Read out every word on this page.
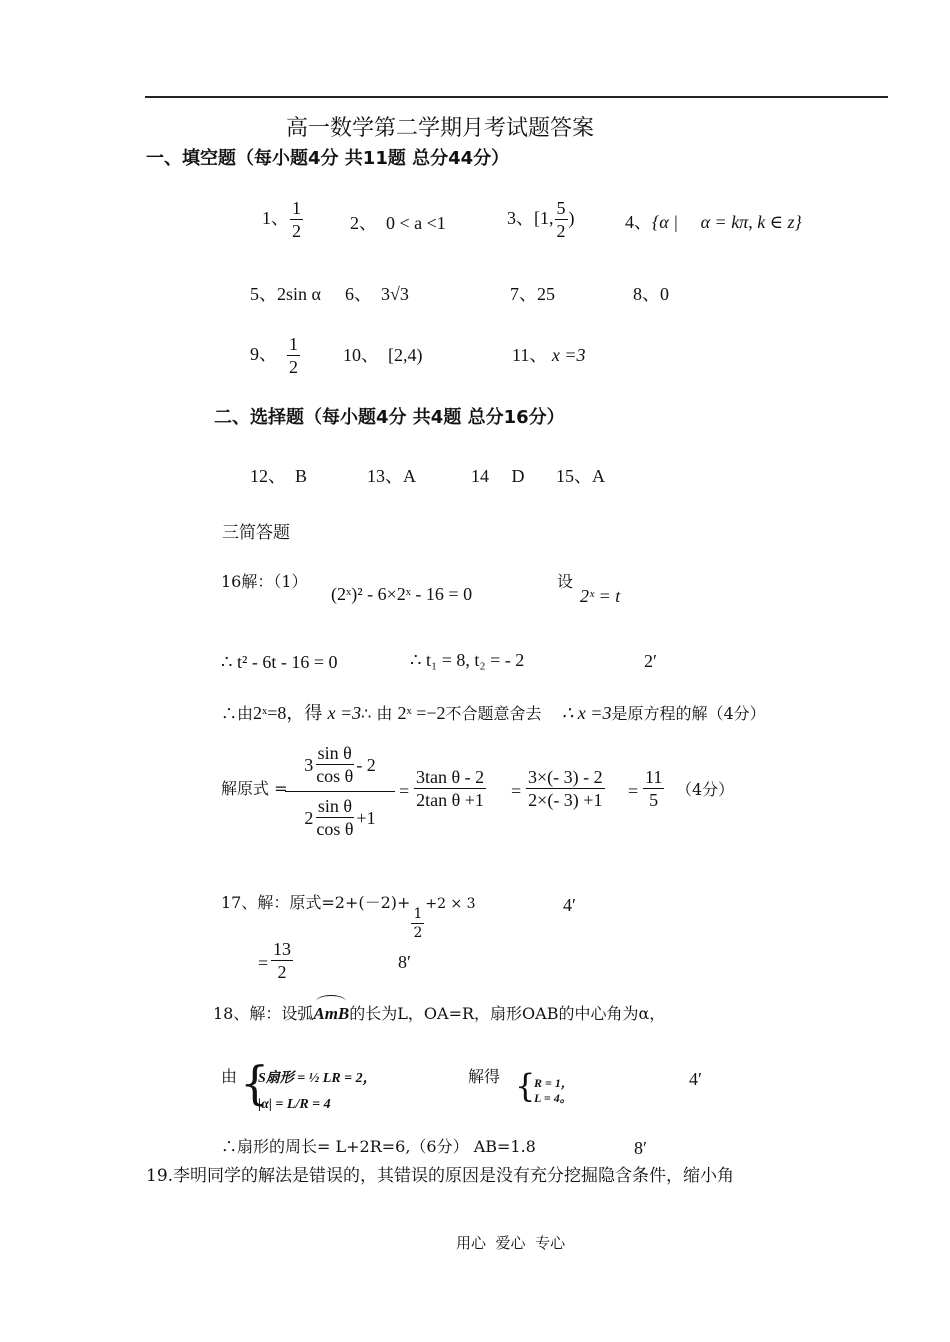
高一数学第二学期月考试题答案
一、填空题（每小题4分 共11题 总分44分）
1、 $\frac{1}{2}$	2、 0 < a <1	3、[1, $\frac{5}{2}$ )	4、{α |     α = kπ, k ∈ z}
5、2sin α 6、 3√3	7、25	8、0
9、 $\frac{1}{2} 10$、 [2,4)	11、 x =3
二、选择题（每小题4分 共4题 总分16分）
12、 B	13、A	14 D 15、A
三简答题
16解：（1）
(2ˣ)² - 6×2ˣ - 16 = 0
设
2ˣ = t
∴ t² - 6t - 16 = 0	∴ t₁ = 8, t₂ = - 2	2′
∴由2ˣ=8，得 x =3∴ 由 2ˣ =−2不合题意舍去 ∴ x =3是原方程的解（4分）
解原式 =
$3 \frac{\text{sin θ}}{\text{cos θ}} - 2$
$2 \frac{\text{sin θ}}{\text{cos θ}} +1$
= $\frac{\text{3tan θ - 2}}{\text{2tan θ +1}} = \frac{3\times(- 3) - 2}{2\times(- 3) +1} = \frac{11}{5} (4$分）
17、解：原式=2+(－2)+
$\frac{1}{2}$
+2 × 3	4′
= $\frac{13}{2}$	8′
18、解：设弧
AmB的长为L，OA=R，扇形OAB的中心角为α，
由 {
S扇形 = ½ LR = 2，
|α| = L/R = 4
解得 {
R = 1，
L = 4。
4′
∴扇形的周长= L+2R=6,（6分） AB=1.8	8′
19.李明同学的解法是错误的，其错误的原因是没有充分挖掘隐含条件，缩小角
用心  爱心  专心
